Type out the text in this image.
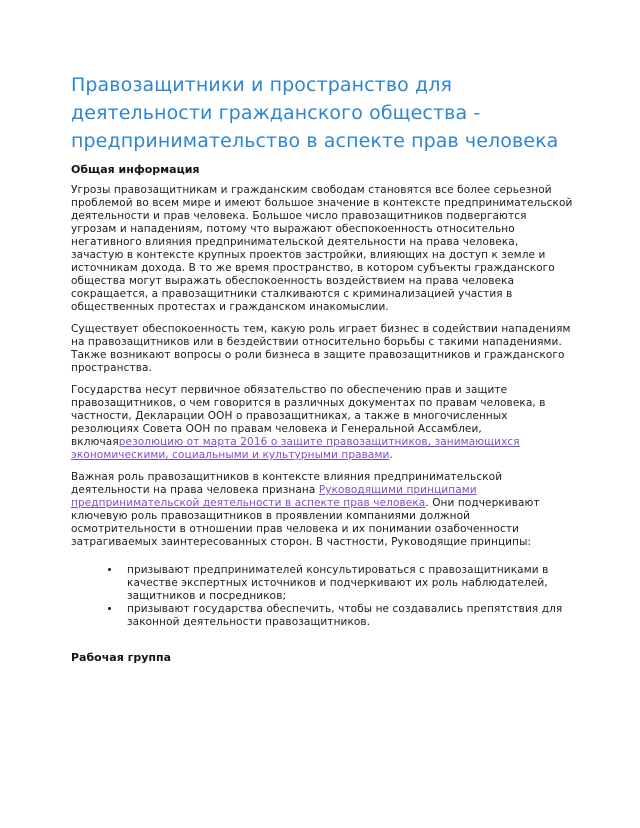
Правозащитники и пространство для деятельности гражданского общества - предпринимательство в аспекте прав человека
Общая информация

Угрозы правозащитникам и гражданским свободам становятся все более серьезной проблемой во всем мире и имеют большое значение в контексте предпринимательской деятельности и прав человека. Большое число правозащитников подвергаются угрозам и нападениям, потому что выражают обеспокоенность относительно негативного влияния предпринимательской деятельности на права человека, зачастую в контексте крупных проектов застройки, влияющих на доступ к земле и источникам дохода. В то же время пространство, в котором субъекты гражданского общества могут выражать обеспокоенность воздействием на права человека сокращается, а правозащитники сталкиваются с криминализацией участия в общественных протестах и гражданском инакомыслии.

Существует обеспокоенность тем, какую роль играет бизнес в содействии нападениям на правозащитников или в бездействии относительно борьбы с такими нападениями. Также возникают вопросы о роли бизнеса в защите правозащитников и гражданского пространства.

Государства несут первичное обязательство по обеспечению прав и защите правозащитников, о чем говорится в различных документах по правам человека, в частности, Декларации ООН о правозащитниках, а также в многочисленных резолюциях Совета ООН по правам человека и Генеральной Ассамблеи, включаярезолюцию от марта 2016 о защите правозащитников, занимающихся экономическими, социальными и культурными правами.

Важная роль правозащитников в контексте влияния предпринимательской деятельности на права человека признана Руководящими принципами предпринимательской деятельности в аспекте прав человека. Они подчеркивают ключевую роль правозащитников в проявлении компаниями должной осмотрительности в отношении прав человека и их понимании озабоченности затрагиваемых заинтересованных сторон. В частности, Руководящие принципы:

• призывают предпринимателей консультироваться с правозащитниками в качестве экспертных источников и подчеркивают их роль наблюдателей, защитников и посредников;
• призывают государства обеспечить, чтобы не создавались препятствия для законной деятельности правозащитников.
Рабочая группа
